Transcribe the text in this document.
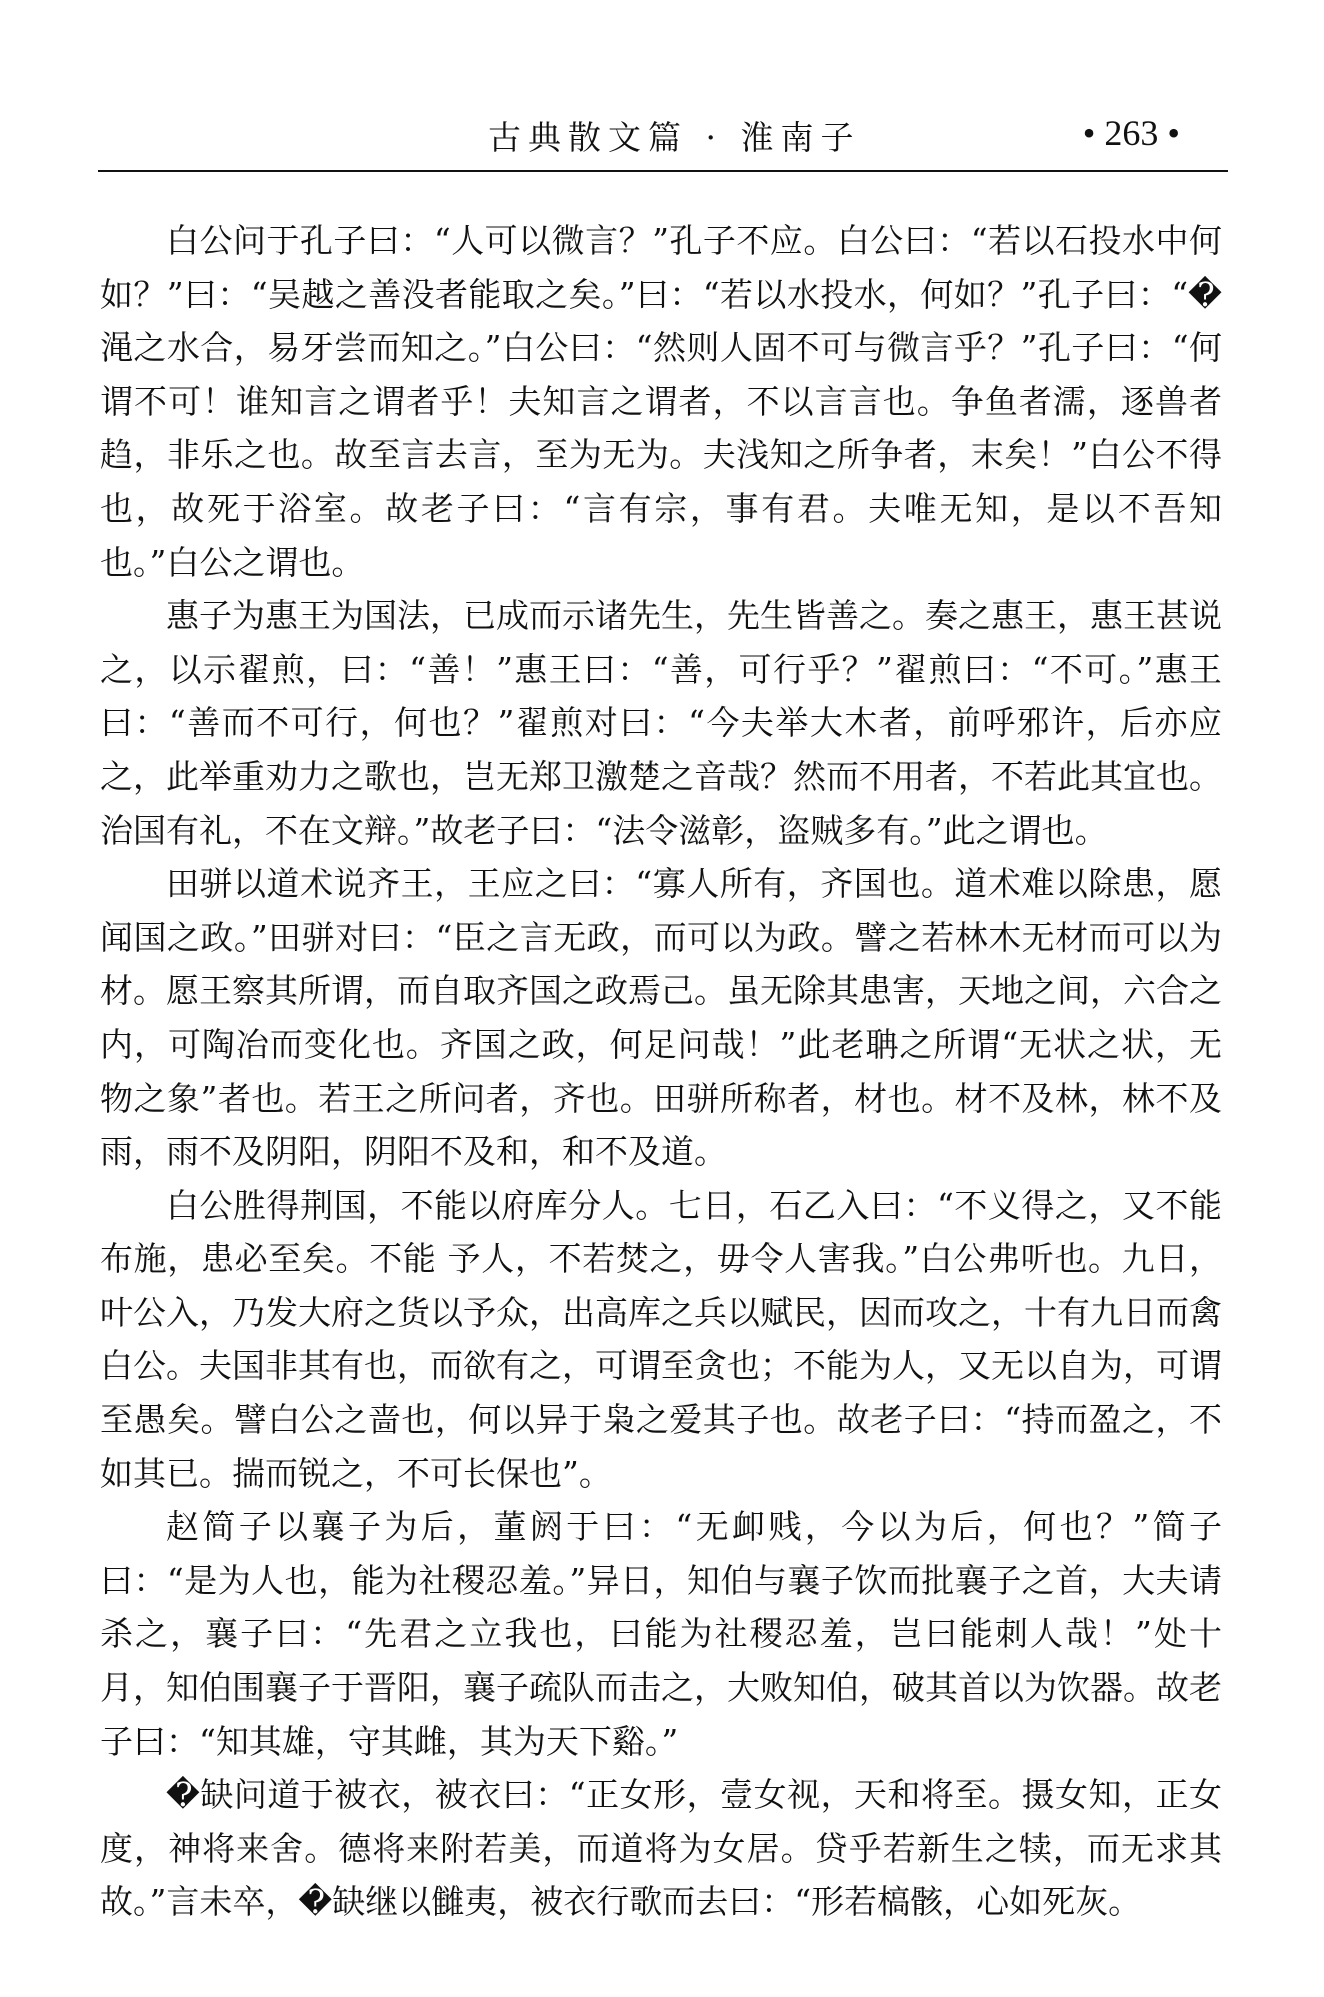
古典散文篇 · 淮南子	• 263 •

白公问于孔子曰：“人可以微言？”孔子不应。白公曰：“若以石投水中何如？”曰：“吴越之善没者能取之矣。”曰：“若以水投水，何如？”孔子曰：“�渑之水合，易牙尝而知之。”白公曰：“然则人固不可与微言乎？”孔子曰：“何谓不可！谁知言之谓者乎！夫知言之谓者，不以言言也。争鱼者濡，逐兽者趋，非乐之也。故至言去言，至为无为。夫浅知之所争者，末矣！”白公不得也，故死于浴室。故老子曰：“言有宗，事有君。夫唯无知，是以不吾知也。”白公之谓也。

惠子为惠王为国法，已成而示诸先生，先生皆善之。奏之惠王，惠王甚说之，以示翟煎，曰：“善！”惠王曰：“善，可行乎？”翟煎曰：“不可。”惠王曰：“善而不可行，何也？”翟煎对曰：“今夫举大木者，前呼邪许，后亦应之，此举重劝力之歌也，岂无郑卫激楚之音哉？然而不用者，不若此其宜也。治国有礼，不在文辩。”故老子曰：“法令滋彰，盗贼多有。”此之谓也。

田骈以道术说齐王，王应之曰：“寡人所有，齐国也。道术难以除患，愿闻国之政。”田骈对曰：“臣之言无政，而可以为政。譬之若林木无材而可以为材。愿王察其所谓，而自取齐国之政焉己。虽无除其患害，天地之间，六合之内，可陶冶而变化也。齐国之政，何足问哉！”此老聃之所谓“无状之状，无物之象”者也。若王之所问者，齐也。田骈所称者，材也。材不及林，林不及雨，雨不及阴阳，阴阳不及和，和不及道。

白公胜得荆国，不能以府库分人。七日，石乙入曰：“不义得之，又不能布施，患必至矣。不能 予人，不若焚之，毋令人害我。”白公弗听也。九日，叶公入，乃发大府之货以予众，出高库之兵以赋民，因而攻之，十有九日而禽白公。夫国非其有也，而欲有之，可谓至贪也；不能为人，又无以自为，可谓至愚矣。譬白公之啬也，何以异于枭之爱其子也。故老子曰：“持而盈之，不如其已。揣而锐之，不可长保也”。

赵简子以襄子为后，董阏于曰：“无卹贱，今以为后，何也？”简子曰：“是为人也，能为社稷忍羞。”异日，知伯与襄子饮而批襄子之首，大夫请杀之，襄子曰：“先君之立我也，曰能为社稷忍羞，岂曰能刺人哉！”处十月，知伯围襄子于晋阳，襄子疏队而击之，大败知伯，破其首以为饮器。故老子曰：“知其雄，守其雌，其为天下谿。”

�缺问道于被衣，被衣曰：“正女形，壹女视，天和将至。摄女知，正女度，神将来舍。德将来附若美，而道将为女居。贷乎若新生之犊，而无求其故。”言未卒，�缺继以雠夷，被衣行歌而去曰：“形若槁骸，心如死灰。
